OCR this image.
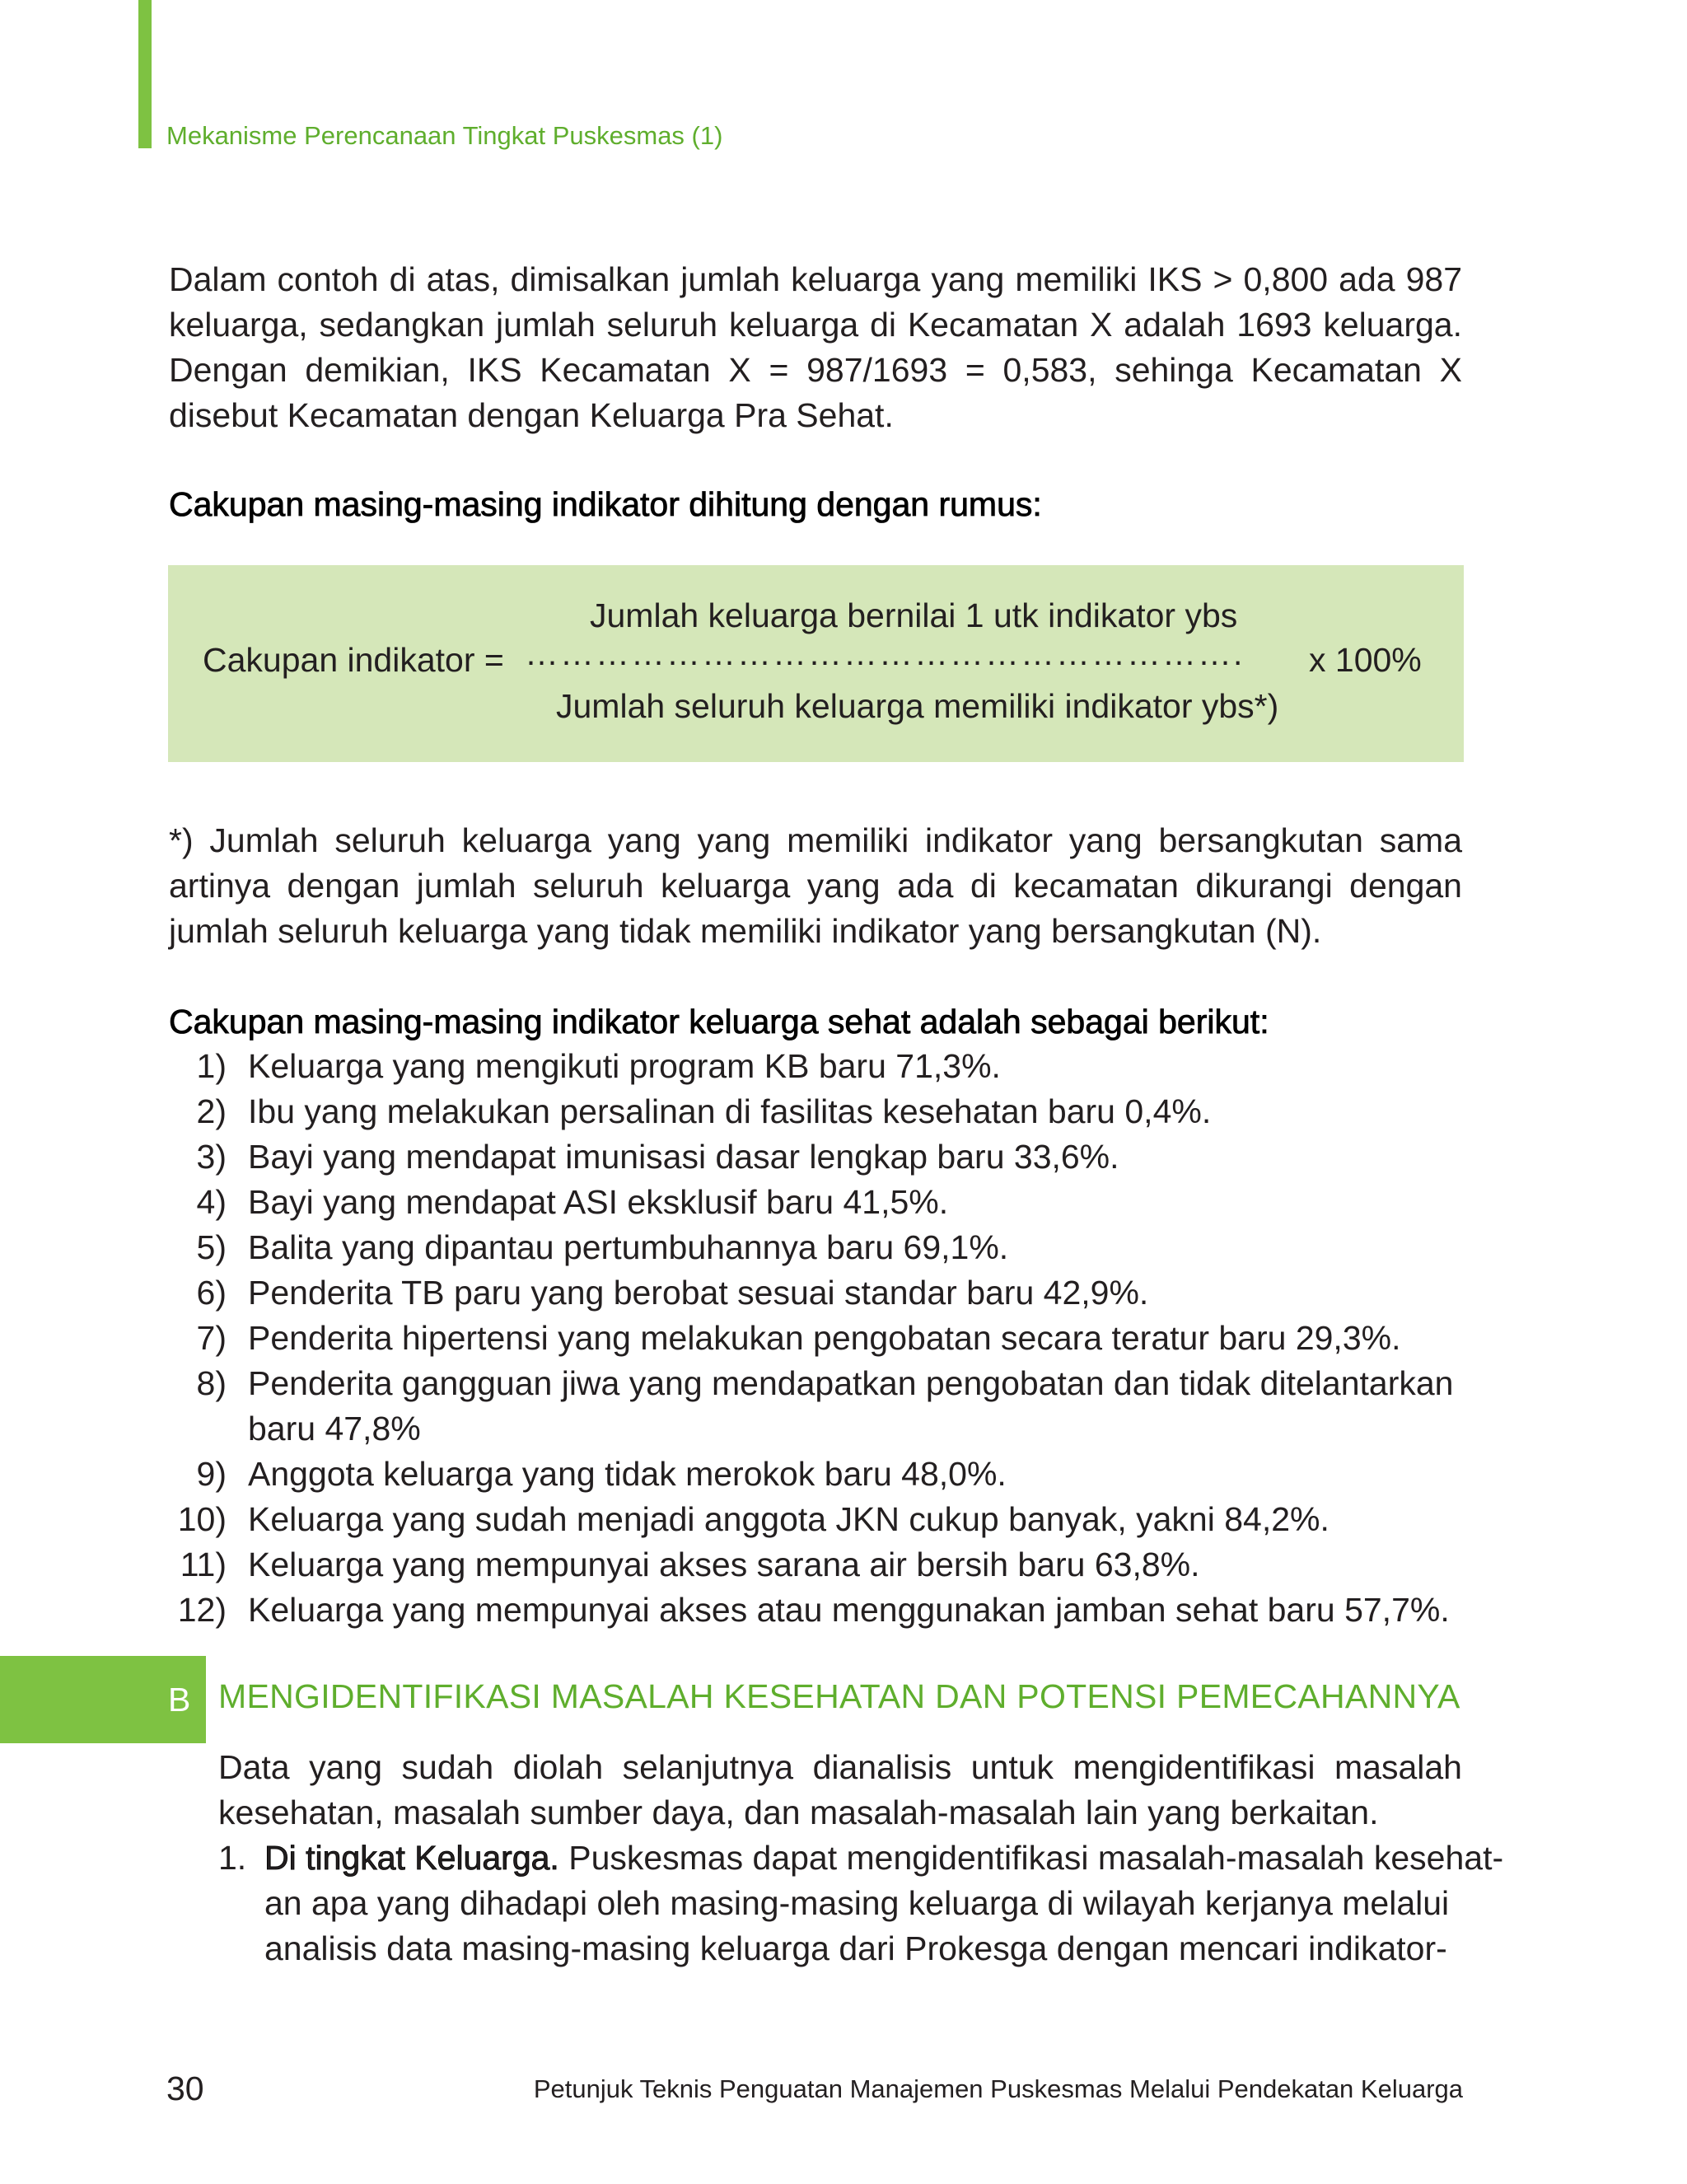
Mekanisme Perencanaan Tingkat Puskesmas (1)

Dalam contoh di atas, dimisalkan jumlah keluarga yang memiliki IKS > 0,800 ada 987 keluarga, sedangkan jumlah seluruh keluarga di Kecamatan X adalah 1693 keluarga. Dengan demikian, IKS Kecamatan X = 987/1693 = 0,583, sehinga Kecamatan X disebut Kecamatan dengan Keluarga Pra Sehat.

Cakupan masing-masing indikator dihitung dengan rumus:
Jumlah keluarga bernilai 1 utk indikator ybs
Cakupan indikator = …………………………………………………….
Jumlah seluruh keluarga memiliki indikator ybs*)
x 100%

*) Jumlah seluruh keluarga yang yang memiliki indikator yang bersangkutan sama artinya dengan jumlah seluruh keluarga yang ada di kecamatan dikurangi dengan jumlah seluruh keluarga yang tidak memiliki indikator yang bersangkutan (N).

Cakupan masing-masing indikator keluarga sehat adalah sebagai berikut:
1) Keluarga yang mengikuti program KB baru 71,3%.
2) Ibu yang melakukan persalinan di fasilitas kesehatan baru 0,4%.
3) Bayi yang mendapat imunisasi dasar lengkap baru 33,6%.
4) Bayi yang mendapat ASI eksklusif baru 41,5%.
5) Balita yang dipantau pertumbuhannya baru 69,1%.
6) Penderita TB paru yang berobat sesuai standar baru 42,9%.
7) Penderita hipertensi yang melakukan pengobatan secara teratur baru 29,3%.
8) Penderita gangguan jiwa yang mendapatkan pengobatan dan tidak ditelantarkan baru 47,8%
9) Anggota keluarga yang tidak merokok baru 48,0%.
10) Keluarga yang sudah menjadi anggota JKN cukup banyak, yakni 84,2%.
11) Keluarga yang mempunyai akses sarana air bersih baru 63,8%.
12) Keluarga yang mempunyai akses atau menggunakan jamban sehat baru 57,7%.
B MENGIDENTIFIKASI MASALAH KESEHATAN DAN POTENSI PEMECAHANNYA

Data yang sudah diolah selanjutnya dianalisis untuk mengidentifikasi masalah kesehatan, masalah sumber daya, dan masalah-masalah lain yang berkaitan.

1. Di tingkat Keluarga. Puskesmas dapat mengidentifikasi masalah-masalah kesehat-
an apa yang dihadapi oleh masing-masing keluarga di wilayah kerjanya melalui
analisis data masing-masing keluarga dari Prokesga dengan mencari indikator-
30	Petunjuk Teknis Penguatan Manajemen Puskesmas Melalui Pendekatan Keluarga
